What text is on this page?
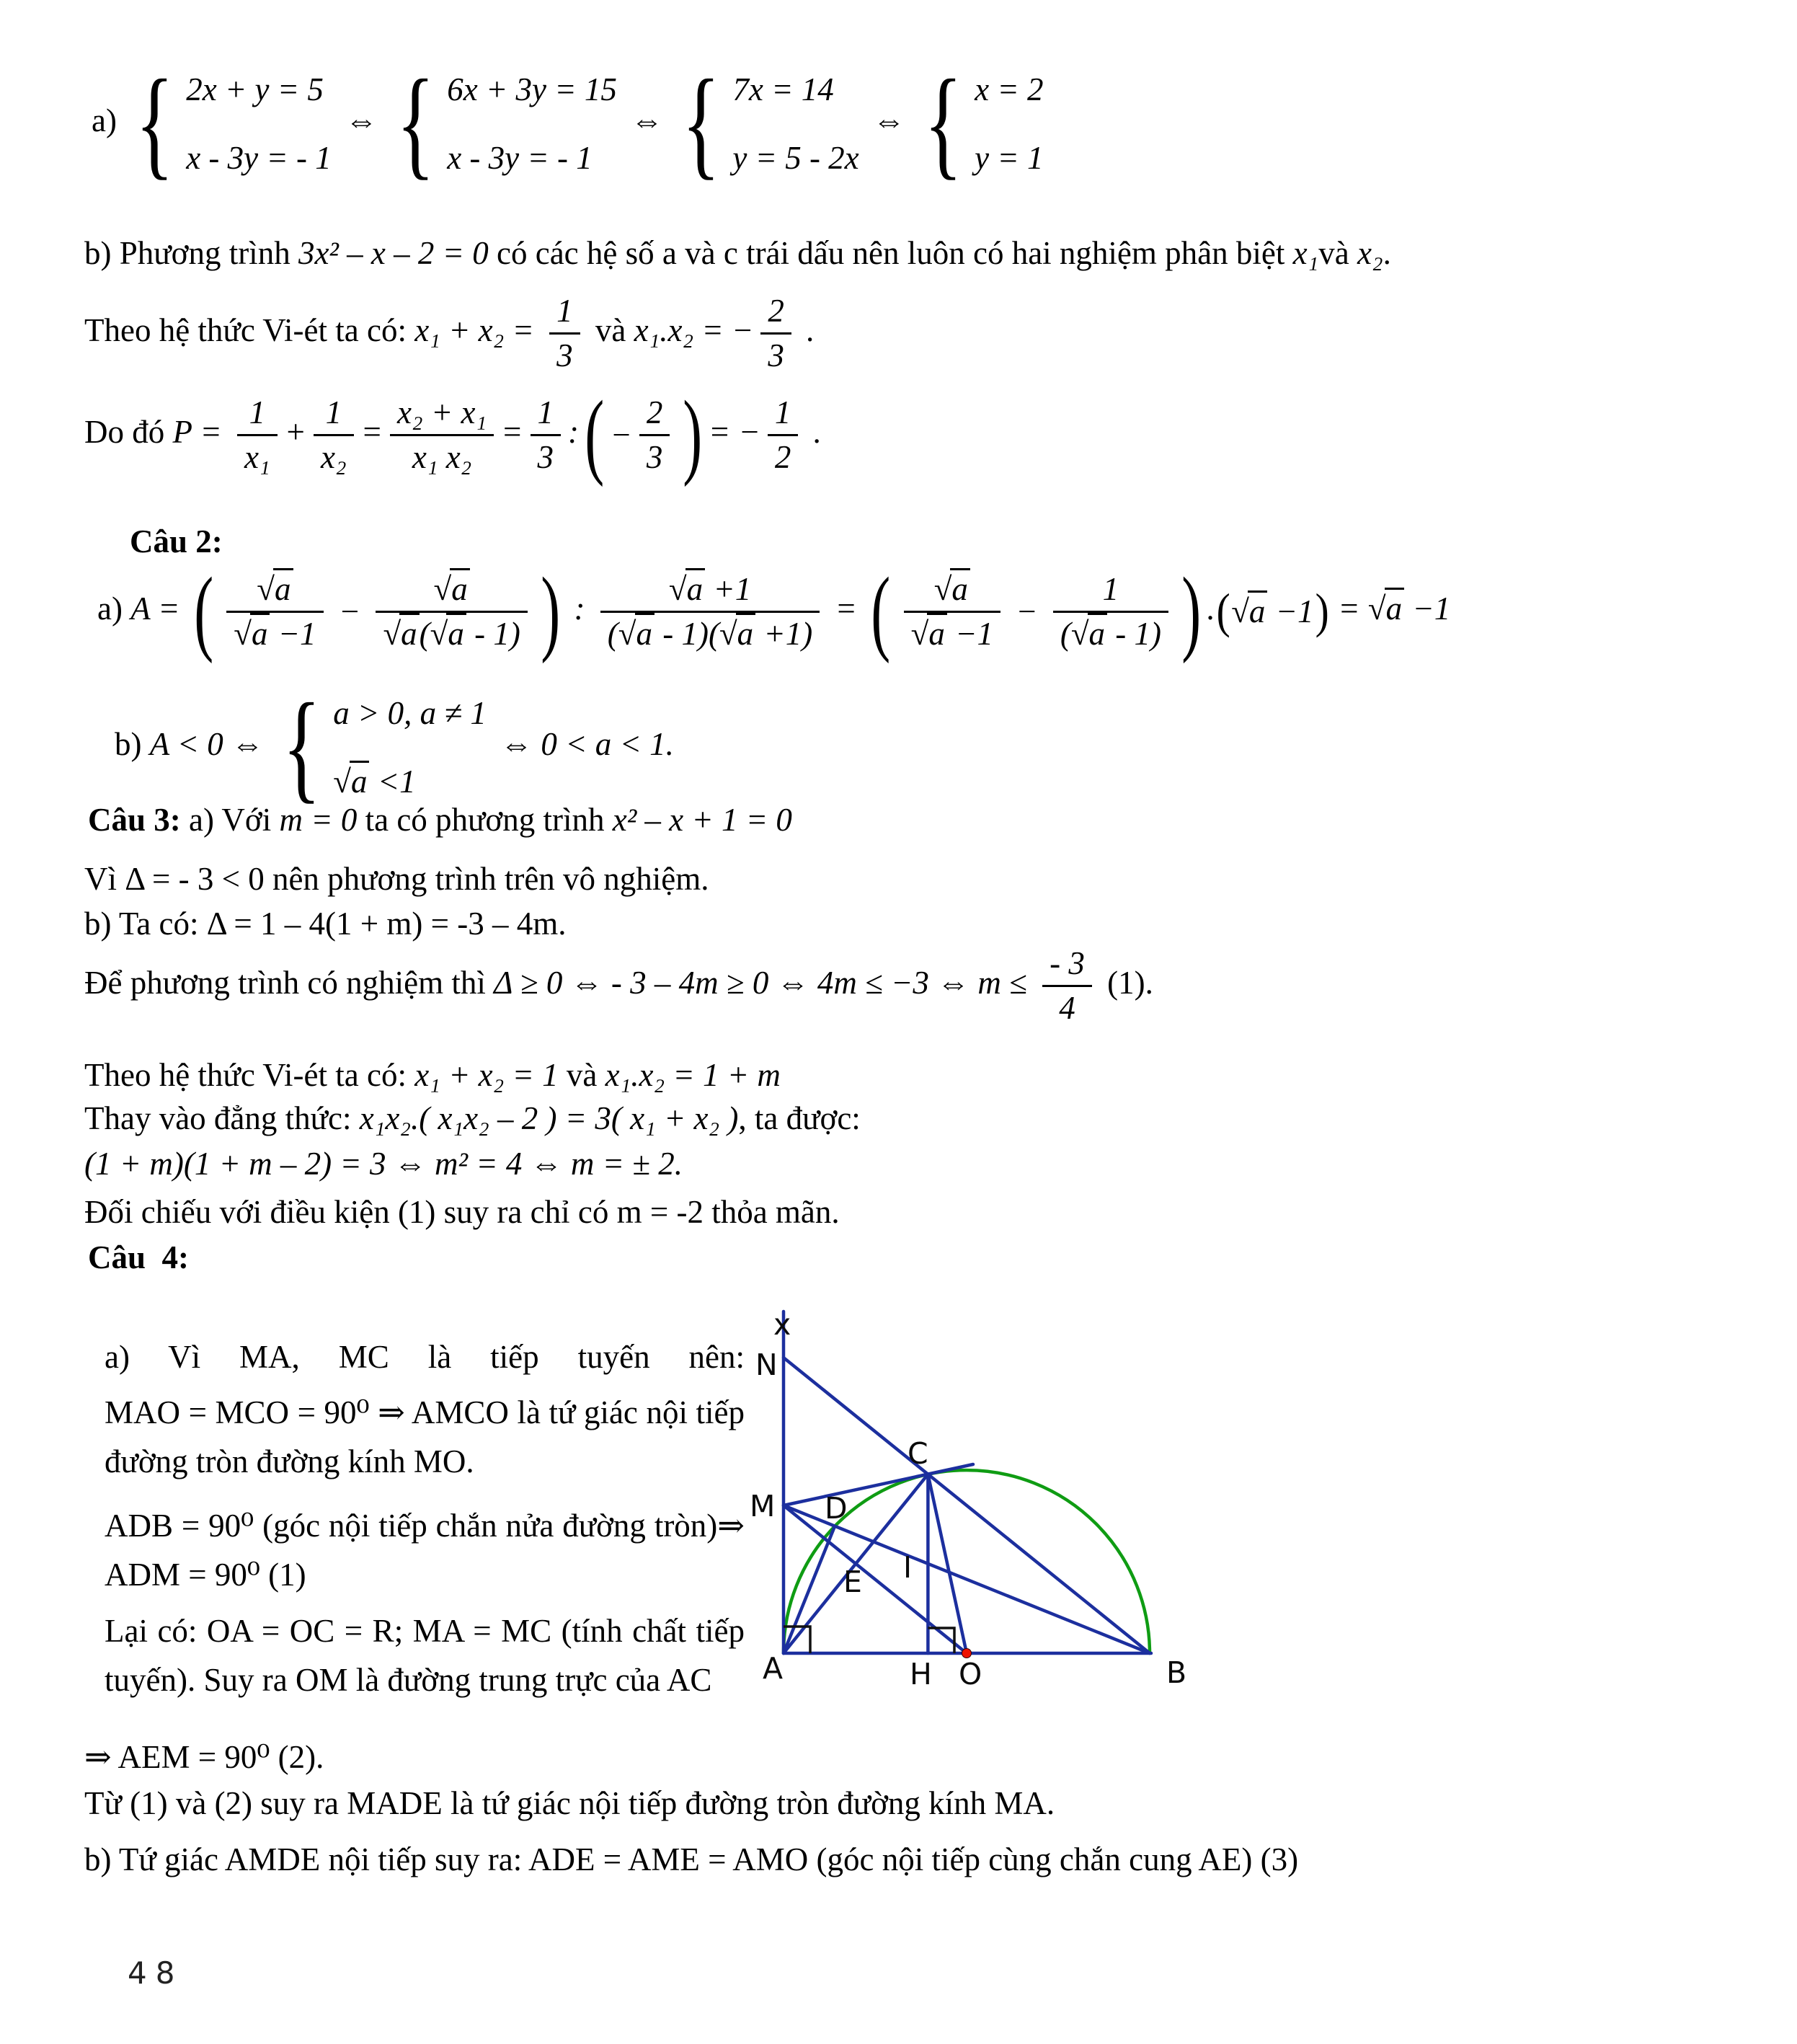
a) { 2x + y = 5
x - 3y = - 1
⇔ { 6x + 3y = 15
x - 3y = - 1
⇔ { 7x = 14
y = 5 - 2x
⇔ { x = 2
y = 1
b) Phương trình 3x² – x – 2 = 0 có các hệ số a và c trái dấu nên luôn có hai nghiệm phân biệt x₁và x₂.
Theo hệ thức Vi-ét ta có: $x_1 + x_2 = \frac{1}{3}$ và x₁.x₂ = − $\frac{2}{3}$ .
Do đó $P = \frac{1}{\text{x₁}} + \frac{1}{\text{x₂}} = \frac{\text{x₂ + x₁}}{\text{x₁ x₂}} = \frac{1}{3}$ : ( − $\frac{2}{3}$ ) = − $\frac{1}{2}$ .
Câu 2:
a) A = ( $\frac{√a}{√a -1} - \frac{√a}{√a(√a - 1)}$ ) : $\frac{√a +1}{(√a - 1)(√a +1)}$ = ( $\frac{√a}{√a -1} - \frac{1}{(√a - 1)}$ ) . ( √a −1 ) = √a −1
b) A < 0 ⇔ { a > 0, a ≠ 1
√a <1
⇔ 0 < a < 1.
Câu 3: a) Với m = 0 ta có phương trình x² – x + 1 = 0
Vì Δ = - 3 < 0 nên phương trình trên vô nghiệm.
b) Ta có: Δ = 1 – 4(1 + m) = -3 – 4m.
Để phương trình có nghiệm thì Δ ≥ 0 ⇔ - 3 – 4m ≥ 0 ⇔ 4m ≤ −3 ⇔ $m \le \frac{- 3}{4} (1)$.
Theo hệ thức Vi-ét ta có: x₁ + x₂ = 1 và x₁.x₂ = 1 + m
Thay vào đẳng thức: x₁x₂.( x₁x₂ – 2 ) = 3( x₁ + x₂ ), ta được:
(1 + m)(1 + m – 2) = 3 ⇔ m² = 4 ⇔ m = ± 2.
Đối chiếu với điều kiện (1) suy ra chỉ có m = -2 thỏa mãn.
Câu  4:
a) Vì MA, MC là tiếp tuyến nên:
MAO = MCO = 90⁰ ⇒ AMCO là tứ giác nội tiếp đường tròn đường kính MO.
ADB = 90⁰ (góc nội tiếp chắn nửa đường tròn)⇒ ADM = 90⁰ (1)
Lại có: OA = OC = R; MA = MC (tính chất tiếp tuyến). Suy ra OM là đường trung trực của AC
x
N
M
C
D
E I
A	H O	B
⇒ AEM = 90⁰ (2).
Từ (1) và (2) suy ra MADE là tứ giác nội tiếp đường tròn đường kính MA.
b) Tứ giác AMDE nội tiếp suy ra: ADE = AME = AMO (góc nội tiếp cùng chắn cung AE) (3)
48
